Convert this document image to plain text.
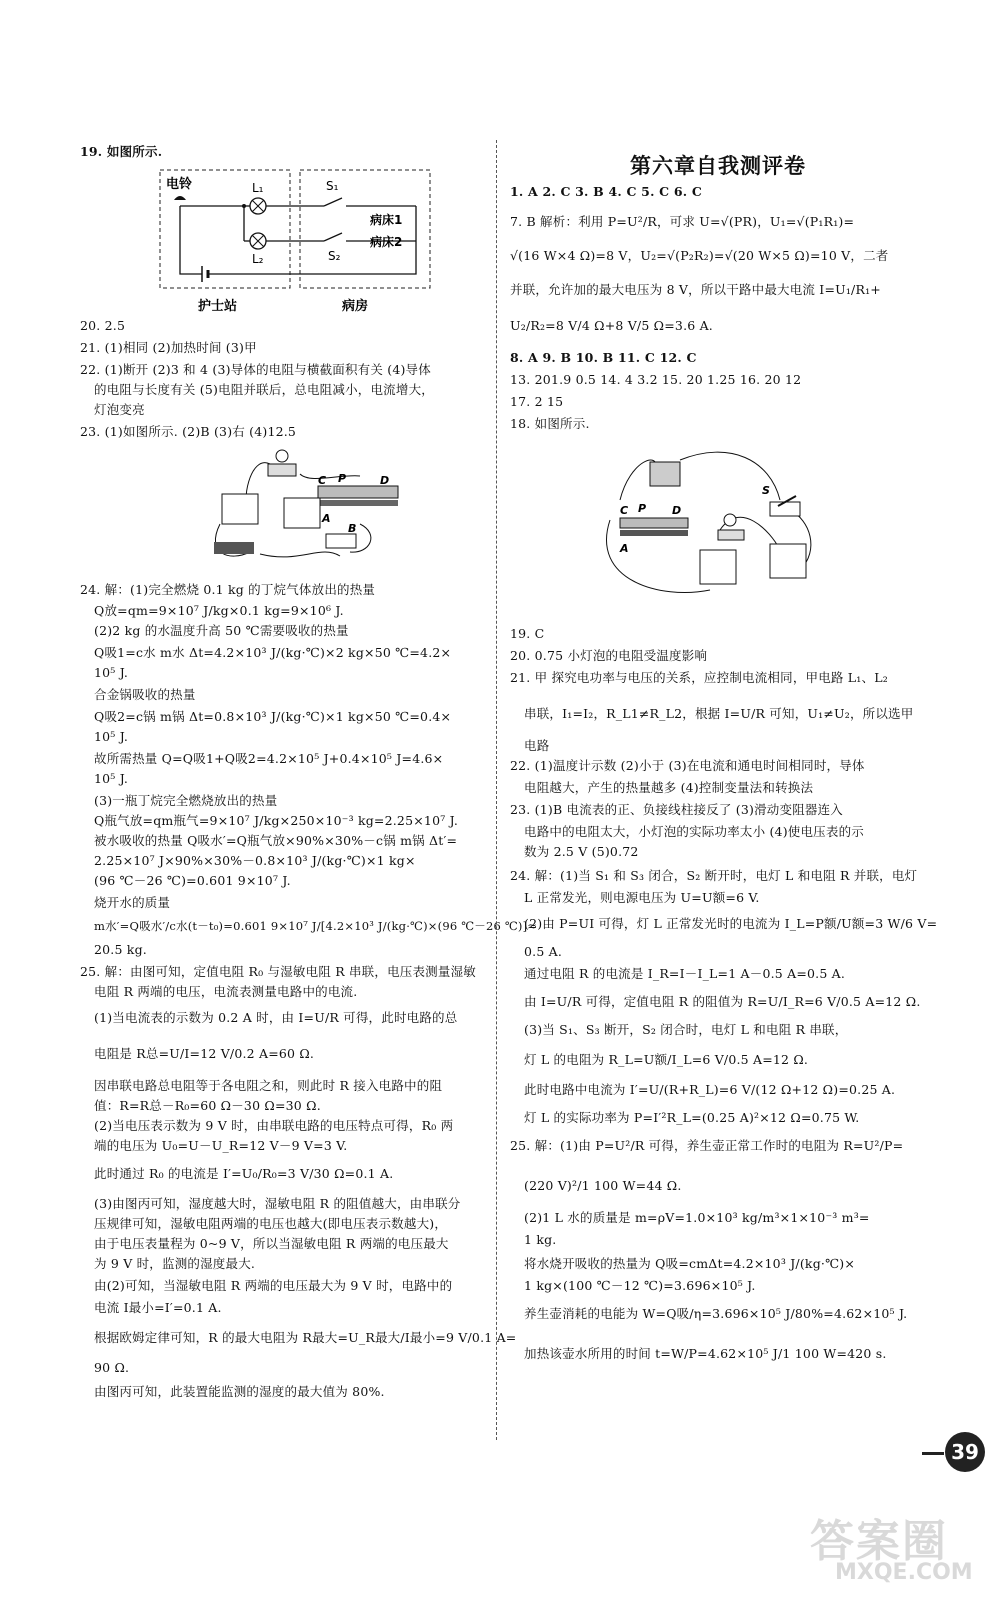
19. 如图所示.
电铃	L₁
L₂
S₁
S₂
病床1
病床2
护士站	病房
20. 2.5
21. (1)相同 (2)加热时间 (3)甲
22. (1)断开 (2)3 和 4 (3)导体的电阻与横截面积有关 (4)导体
的电阻与长度有关 (5)电阻并联后，总电阻减小，电流增大，
灯泡变亮
23. (1)如图所示. (2)B (3)右 (4)12.5
C P	D
A
B
24. 解：(1)完全燃烧 0.1 kg 的丁烷气体放出的热量
Q放=qm=9×10⁷ J/kg×0.1 kg=9×10⁶ J.
(2)2 kg 的水温度升高 50 ℃需要吸收的热量
Q吸1=c水 m水 Δt=4.2×10³ J/(kg·℃)×2 kg×50 ℃=4.2×
10⁵ J.
合金锅吸收的热量
Q吸2=c锅 m锅 Δt=0.8×10³ J/(kg·℃)×1 kg×50 ℃=0.4×
10⁵ J.
故所需热量 Q=Q吸1+Q吸2=4.2×10⁵ J+0.4×10⁵ J=4.6×
10⁵ J.
(3)一瓶丁烷完全燃烧放出的热量
Q瓶气放=qm瓶气=9×10⁷ J/kg×250×10⁻³ kg=2.25×10⁷ J.
被水吸收的热量 Q吸水′=Q瓶气放×90%×30%－c锅 m锅 Δt′=
2.25×10⁷ J×90%×30%－0.8×10³ J/(kg·℃)×1 kg×
(96 ℃－26 ℃)=0.601 9×10⁷ J.
烧开水的质量
m水′=Q吸水′/c水(t－t₀)=0.601 9×10⁷ J/[4.2×10³ J/(kg·℃)×(96 ℃－26 ℃)]≈
20.5 kg.
25. 解：由图可知，定值电阻 R₀ 与湿敏电阻 R 串联，电压表测量湿敏
电阻 R 两端的电压，电流表测量电路中的电流.
(1)当电流表的示数为 0.2 A 时，由 I=U/R 可得，此时电路的总
电阻是 R总=U/I=12 V/0.2 A=60 Ω.
因串联电路总电阻等于各电阻之和，则此时 R 接入电路中的阻
值：R=R总－R₀=60 Ω－30 Ω=30 Ω.
(2)当电压表示数为 9 V 时，由串联电路的电压特点可得，R₀ 两
端的电压为 U₀=U－U_R=12 V－9 V=3 V.
此时通过 R₀ 的电流是 I′=U₀/R₀=3 V/30 Ω=0.1 A.
(3)由图丙可知，湿度越大时，湿敏电阻 R 的阻值越大，由串联分
压规律可知，湿敏电阻两端的电压也越大(即电压表示数越大)，
由于电压表量程为 0~9 V，所以当湿敏电阻 R 两端的电压最大
为 9 V 时，监测的湿度最大.
由(2)可知，当湿敏电阻 R 两端的电压最大为 9 V 时，电路中的
电流 I最小=I′=0.1 A.
根据欧姆定律可知，R 的最大电阻为 R最大=U_R最大/I最小=9 V/0.1 A=
90 Ω.
由图丙可知，此装置能监测的湿度的最大值为 80%.
第六章自我测评卷
1. A 2. C 3. B 4. C 5. C 6. C
7. B 解析：利用 P=U²/R，可求 U=√(PR)，U₁=√(P₁R₁)=
√(16 W×4 Ω)=8 V，U₂=√(P₂R₂)=√(20 W×5 Ω)=10 V，二者
并联，允许加的最大电压为 8 V，所以干路中最大电流 I=U₁/R₁+
U₂/R₂=8 V/4 Ω+8 V/5 Ω=3.6 A.
8. A 9. B 10. B 11. C 12. C
13. 201.9 0.5 14. 4 3.2 15. 20 1.25 16. 20 12
17. 2 15
18. 如图所示.
C P D
A
S
19. C
20. 0.75 小灯泡的电阻受温度影响
21. 甲 探究电功率与电压的关系，应控制电流相同，甲电路 L₁、L₂
串联，I₁=I₂，R_L1≠R_L2，根据 I=U/R 可知，U₁≠U₂，所以选甲
电路
22. (1)温度计示数 (2)小于 (3)在电流和通电时间相同时，导体
电阻越大，产生的热量越多 (4)控制变量法和转换法
23. (1)B 电流表的正、负接线柱接反了 (3)滑动变阻器连入
电路中的电阻太大，小灯泡的实际功率太小 (4)使电压表的示
数为 2.5 V (5)0.72
24. 解：(1)当 S₁ 和 S₃ 闭合，S₂ 断开时，电灯 L 和电阻 R 并联，电灯
L 正常发光，则电源电压为 U=U额=6 V.
(2)由 P=UI 可得，灯 L 正常发光时的电流为 I_L=P额/U额=3 W/6 V=
0.5 A.
通过电阻 R 的电流是 I_R=I－I_L=1 A－0.5 A=0.5 A.
由 I=U/R 可得，定值电阻 R 的阻值为 R=U/I_R=6 V/0.5 A=12 Ω.
(3)当 S₁、S₃ 断开，S₂ 闭合时，电灯 L 和电阻 R 串联，
灯 L 的电阻为 R_L=U额/I_L=6 V/0.5 A=12 Ω.
此时电路中电流为 I′=U/(R+R_L)=6 V/(12 Ω+12 Ω)=0.25 A.
灯 L 的实际功率为 P=I′²R_L=(0.25 A)²×12 Ω=0.75 W.
25. 解：(1)由 P=U²/R 可得，养生壶正常工作时的电阻为 R=U²/P=
(220 V)²/1 100 W=44 Ω.
(2)1 L 水的质量是 m=ρV=1.0×10³ kg/m³×1×10⁻³ m³=
1 kg.
将水烧开吸收的热量为 Q吸=cmΔt=4.2×10³ J/(kg·℃)×
1 kg×(100 ℃－12 ℃)=3.696×10⁵ J.
养生壶消耗的电能为 W=Q吸/η=3.696×10⁵ J/80%=4.62×10⁵ J.
加热该壶水所用的时间 t=W/P=4.62×10⁵ J/1 100 W=420 s.
39
答案圈
MXQE.COM
